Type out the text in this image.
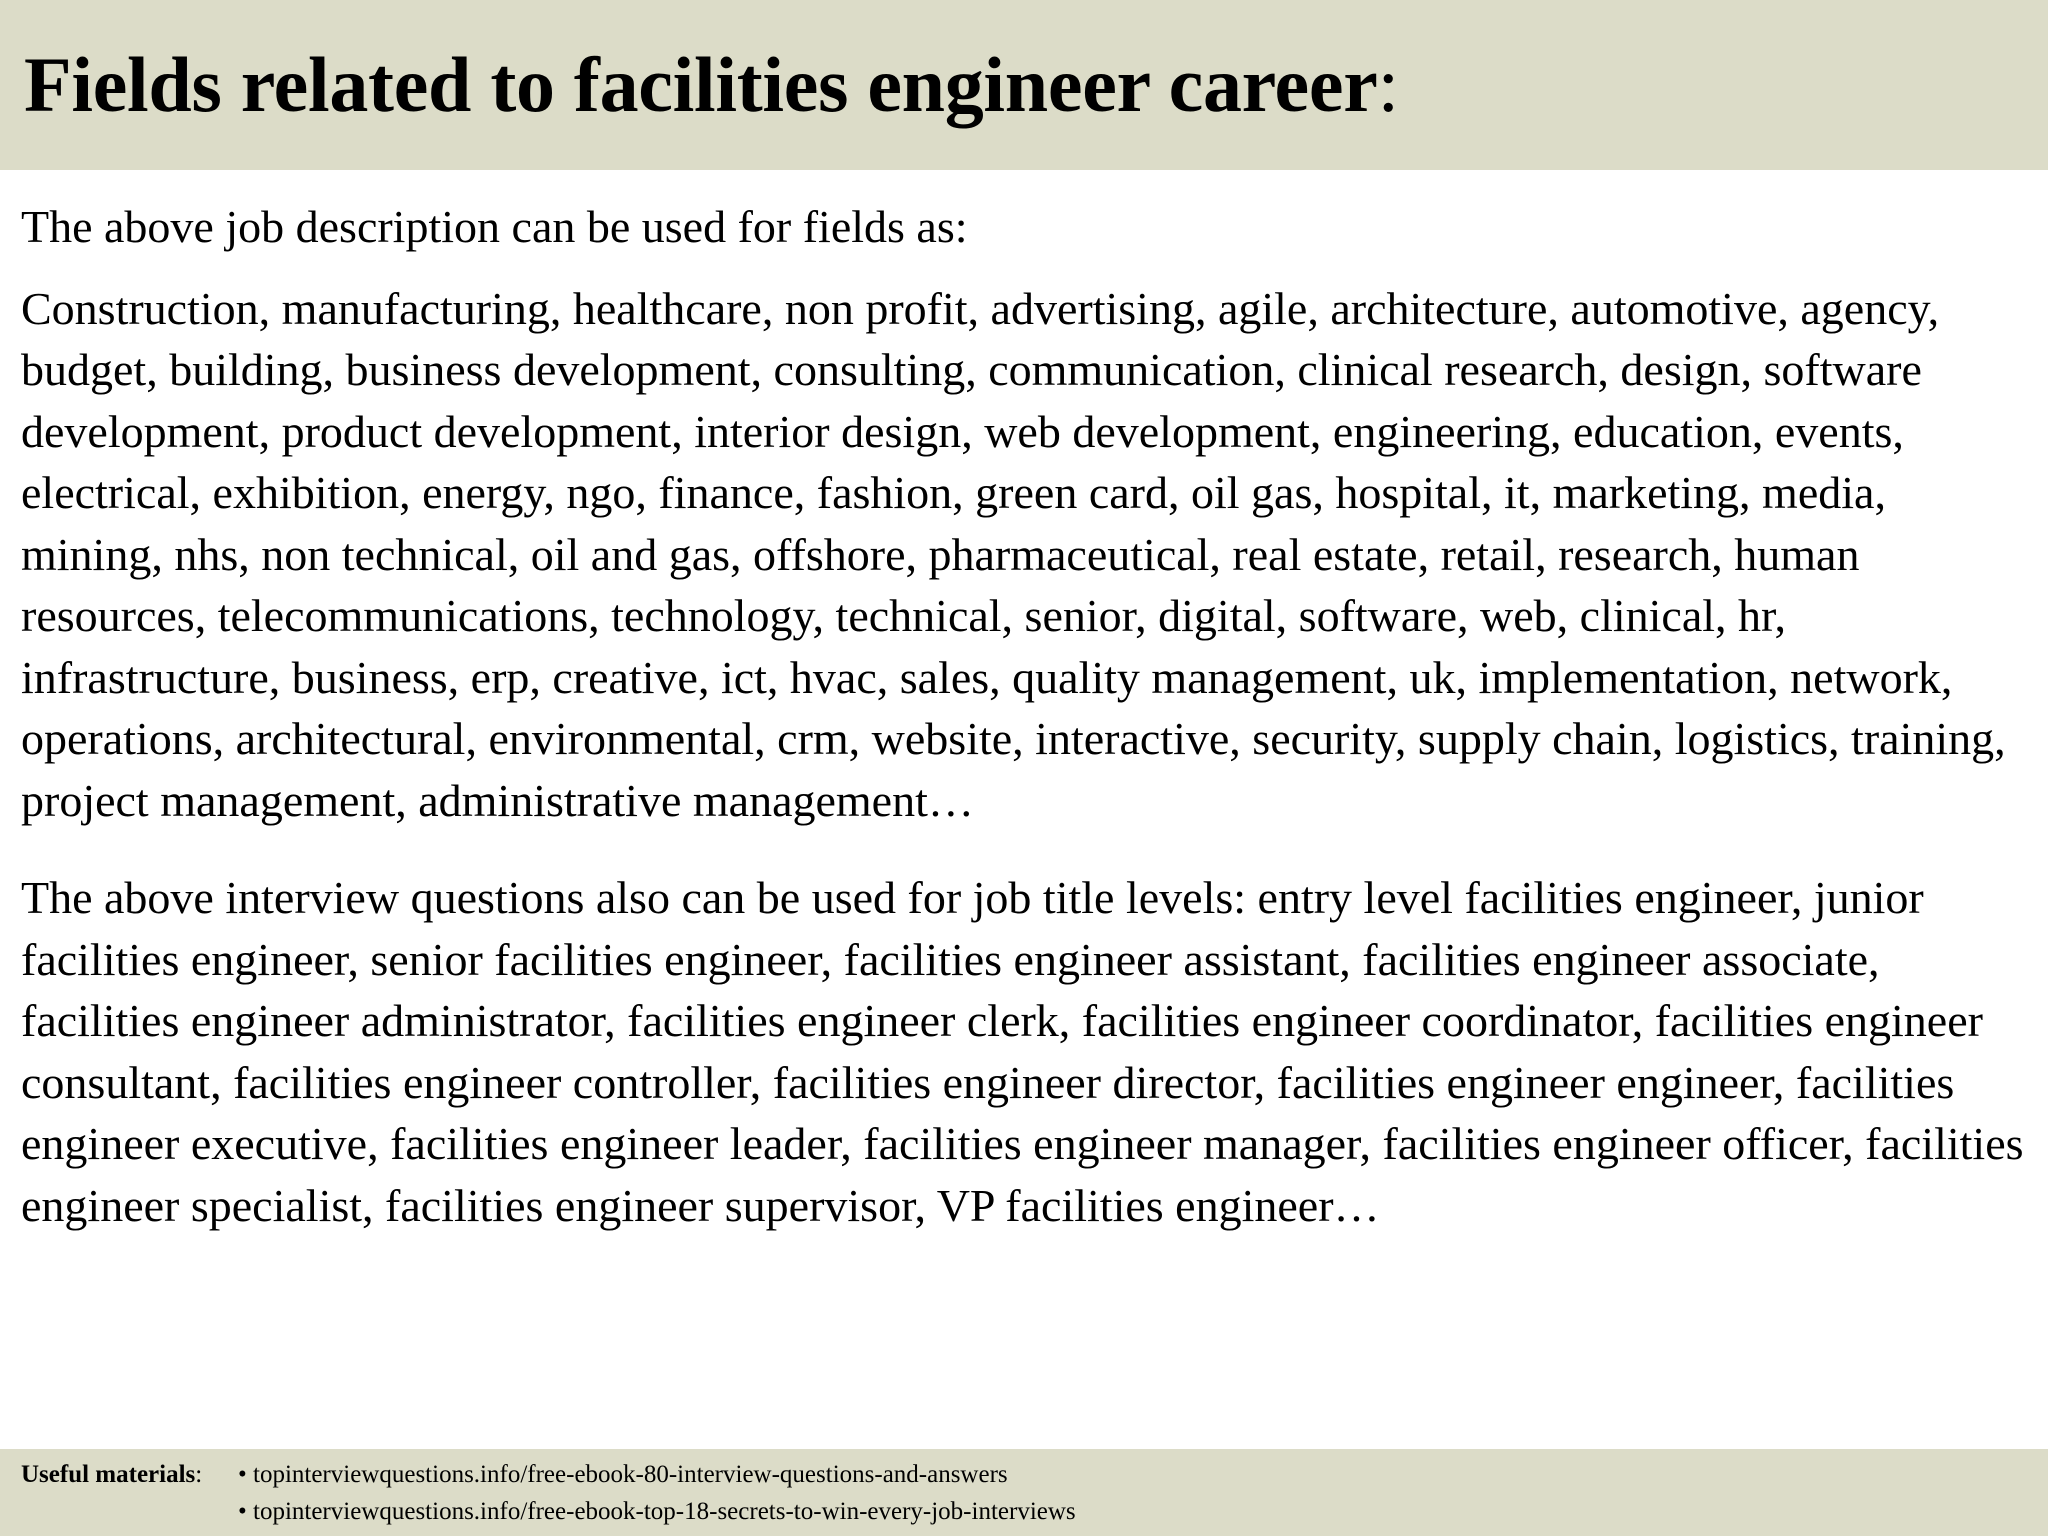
Fields related to facilities engineer career:

The above job description can be used for fields as:

Construction, manufacturing, healthcare, non profit, advertising, agile, architecture, automotive, agency, budget, building, business development, consulting, communication, clinical research, design, software development, product development, interior design, web development, engineering, education, events, electrical, exhibition, energy, ngo, finance, fashion, green card, oil gas, hospital, it, marketing, media, mining, nhs, non technical, oil and gas, offshore, pharmaceutical, real estate, retail, research, human resources, telecommunications, technology, technical, senior, digital, software, web, clinical, hr, infrastructure, business, erp, creative, ict, hvac, sales, quality management, uk, implementation, network, operations, architectural, environmental, crm, website, interactive, security, supply chain, logistics, training, project management, administrative management…

The above interview questions also can be used for job title levels: entry level facilities engineer, junior facilities engineer, senior facilities engineer, facilities engineer assistant, facilities engineer associate, facilities engineer administrator, facilities engineer clerk, facilities engineer coordinator, facilities engineer consultant, facilities engineer controller, facilities engineer director, facilities engineer engineer, facilities engineer executive, facilities engineer leader, facilities engineer manager, facilities engineer officer, facilities engineer specialist, facilities engineer supervisor, VP facilities engineer…

Useful materials:	• topinterviewquestions.info/free-ebook-80-interview-questions-and-answers
• topinterviewquestions.info/free-ebook-top-18-secrets-to-win-every-job-interviews
